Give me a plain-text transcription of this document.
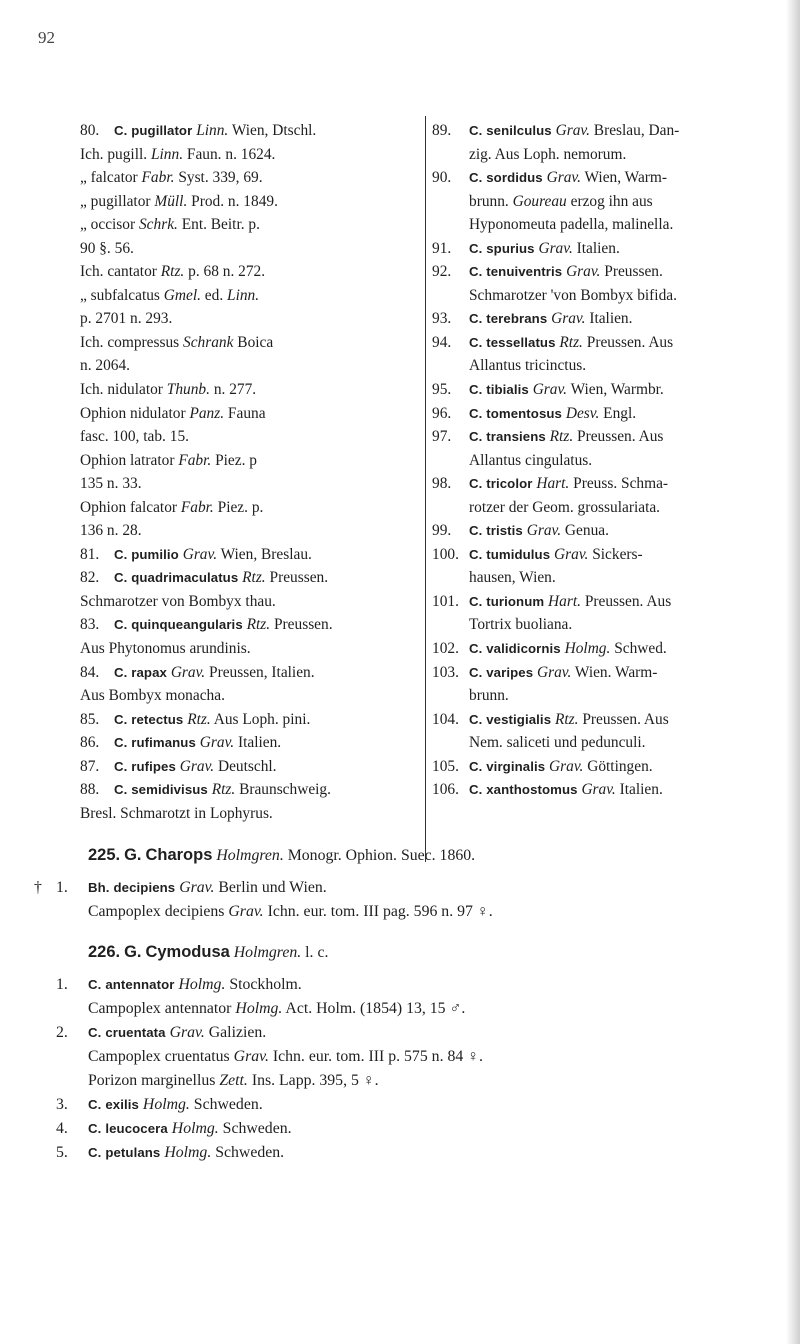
92
80. C. pugillator Linn. Wien, Dtschl.
Ich. pugill. Linn. Faun. n. 1624.
„ falcator Fabr. Syst. 339, 69.
„ pugillator Müll. Prod. n. 1849.
„ occisor Schrk. Ent. Beitr. p.
90 §. 56.
Ich. cantator Rtz. p. 68 n. 272.
„ subfalcatus Gmel. ed. Linn.
p. 2701 n. 293.
Ich. compressus Schrank Boica
n. 2064.
Ich. nidulator Thunb. n. 277.
Ophion nidulator Panz. Fauna
fasc. 100, tab. 15.
Ophion latrator Fabr. Piez. p
135 n. 33.
Ophion falcator Fabr. Piez. p.
136 n. 28.
81. C. pumilio Grav. Wien, Breslau.
82. C. quadrimaculatus Rtz. Preussen.
Schmarotzer von Bombyx thau.
83. C. quinqueangularis Rtz. Preussen.
Aus Phytonomus arundinis.
84. C. rapax Grav. Preussen, Italien.
Aus Bombyx monacha.
85. C. retectus Rtz. Aus Loph. pini.
86. C. rufimanus Grav. Italien.
87. C. rufipes Grav. Deutschl.
88. C. semidivisus Rtz. Braunschweig.
Bresl. Schmarotzt in Lophyrus.
89. C. senilculus Grav. Breslau, Dan-
zig. Aus Loph. nemorum.
90. C. sordidus Grav. Wien, Warm-
brunn. Goureau erzog ihn aus
Hyponomeuta padella, malinella.
91. C. spurius Grav. Italien.
92. C. tenuiventris Grav. Preussen.
Schmarotzer 'von Bombyx bifida.
93. C. terebrans Grav. Italien.
94. C. tessellatus Rtz. Preussen. Aus
Allantus tricinctus.
95. C. tibialis Grav. Wien, Warmbr.
96. C. tomentosus Desv. Engl.
97. C. transiens Rtz. Preussen. Aus
Allantus cingulatus.
98. C. tricolor Hart. Preuss. Schma-
rotzer der Geom. grossulariata.
99. C. tristis Grav. Genua.
100. C. tumidulus Grav. Sickers-
hausen, Wien.
101. C. turionum Hart. Preussen. Aus
Tortrix buoliana.
102. C. validicornis Holmg. Schwed.
103. C. varipes Grav. Wien. Warm-
brunn.
104. C. vestigialis Rtz. Preussen. Aus
Nem. saliceti und pedunculi.
105. C. virginalis Grav. Göttingen.
106. C. xanthostomus Grav. Italien.
225. G. Charops Holmgren. Monogr. Ophion. Suec. 1860.
† 1. Bh. decipiens Grav. Berlin und Wien.
Campoplex decipiens Grav. Ichn. eur. tom. III pag. 596 n. 97 ♀.
226. G. Cymodusa Holmgren. l. c.
1. C. antennator Holmg. Stockholm.
Campoplex antennator Holmg. Act. Holm. (1854) 13, 15 ♂.
2. C. cruentata Grav. Galizien.
Campoplex cruentatus Grav. Ichn. eur. tom. III p. 575 n. 84 ♀.
Porizon marginellus Zett. Ins. Lapp. 395, 5 ♀.
3. C. exilis Holmg. Schweden.
4. C. leucocera Holmg. Schweden.
5. C. petulans Holmg. Schweden.
